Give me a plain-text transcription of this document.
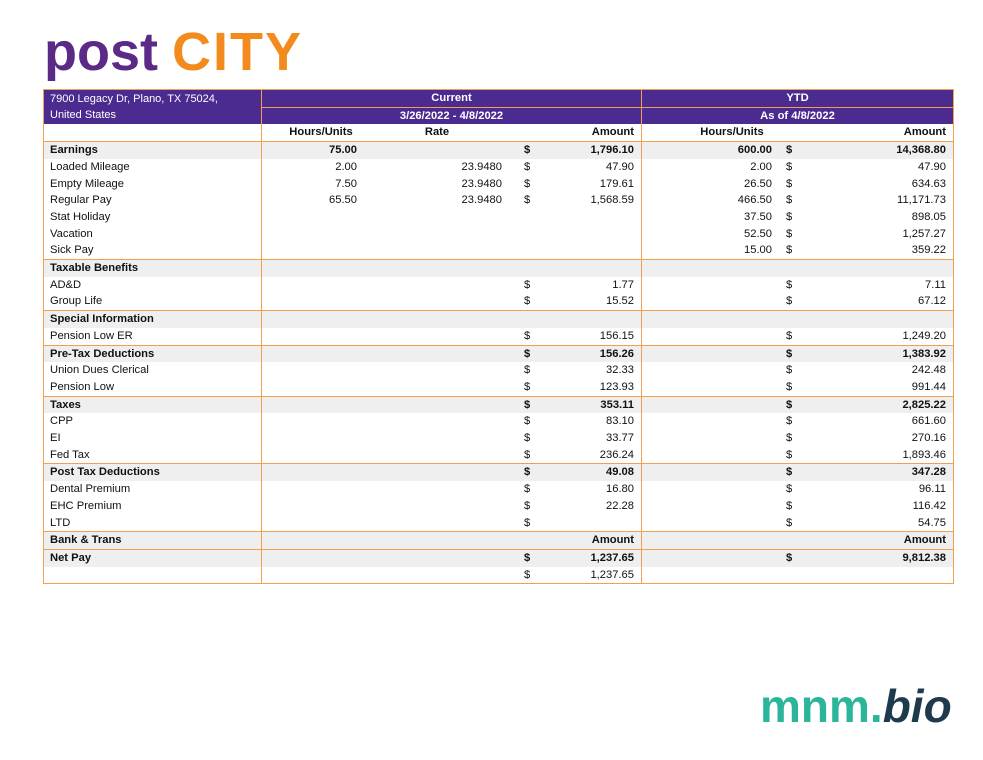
post CITY
7900 Legacy Dr, Plano, TX 75024,
United States	Current	YTD
	3/26/2022 - 4/8/2022	As of 4/8/2022

	Hours/Units Rate Amount	Hours/Units Amount

Earnings	75.00 $ 1,796.10	600.00 $ 14,368.80

Loaded Mileage	2.00 23.9480 $ 47.90	2.00 $ 47.90

Empty Mileage	7.50 23.9480 $ 179.61	26.50 $ 634.63

Regular Pay	65.50 23.9480 $ 1,568.59	466.50 $ 11,171.73

Stat Holiday		37.50 $ 898.05

Vacation		52.50 $ 1,257.27

Sick Pay		15.00 $ 359.22

Taxable Benefits	

AD&D	$ 1.77	$ 7.11

Group Life	$ 15.52	$ 67.12

Special Information	

Pension Low ER	$ 156.15	$ 1,249.20

Pre-Tax Deductions	$ 156.26	$ 1,383.92

Union Dues Clerical	$ 32.33	$ 242.48

Pension Low	$ 123.93	$ 991.44

Taxes	$ 353.11	$ 2,825.22

CPP	$ 83.10	$ 661.60

EI	$ 33.77	$ 270.16

Fed Tax	$ 236.24	$ 1,893.46

Post Tax Deductions	$ 49.08	$ 347.28

Dental Premium	$ 16.80	$ 96.11

EHC Premium	$ 22.28	$ 116.42

LTD	$	$ 54.75

Bank & Trans	Amount	Amount

Net Pay	$ 1,237.65	$ 9,812.38

	$ 1,237.65	

mnm.bio
